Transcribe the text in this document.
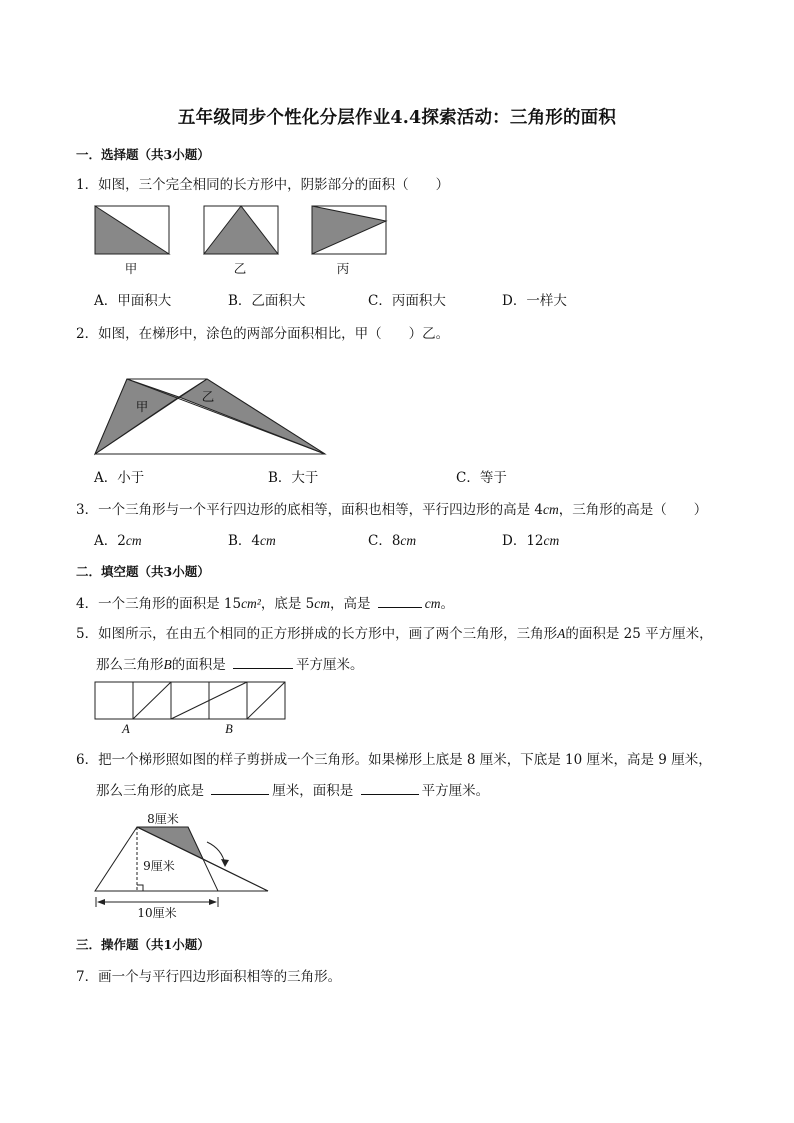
五年级同步个性化分层作业4.4探索活动：三角形的面积
一．选择题（共3小题）
1．如图，三个完全相同的长方形中，阴影部分的面积（　　）
甲	乙	丙
A．甲面积大	B．乙面积大	C．丙面积大	D．一样大
2．如图，在梯形中，涂色的两部分面积相比，甲（　　）乙。
甲
乙
A．小于	B．大于	C．等于
3．一个三角形与一个平行四边形的底相等，面积也相等，平行四边形的高是 4cm，三角形的高是（　　）
A．2cm	B．4cm	C．8cm	D．12cm
二．填空题（共3小题）
4．一个三角形的面积是 15cm²，底是 5cm，高是	cm。
5．如图所示，在由五个相同的正方形拼成的长方形中，画了两个三角形，三角形A的面积是 25 平方厘米，
那么三角形B的面积是	平方厘米。
A	B
6．把一个梯形照如图的样子剪拼成一个三角形。如果梯形上底是 8 厘米，下底是 10 厘米，高是 9 厘米，
那么三角形的底是	厘米，面积是	平方厘米。
8厘米
9厘米
10厘米
三．操作题（共1小题）
7．画一个与平行四边形面积相等的三角形。
